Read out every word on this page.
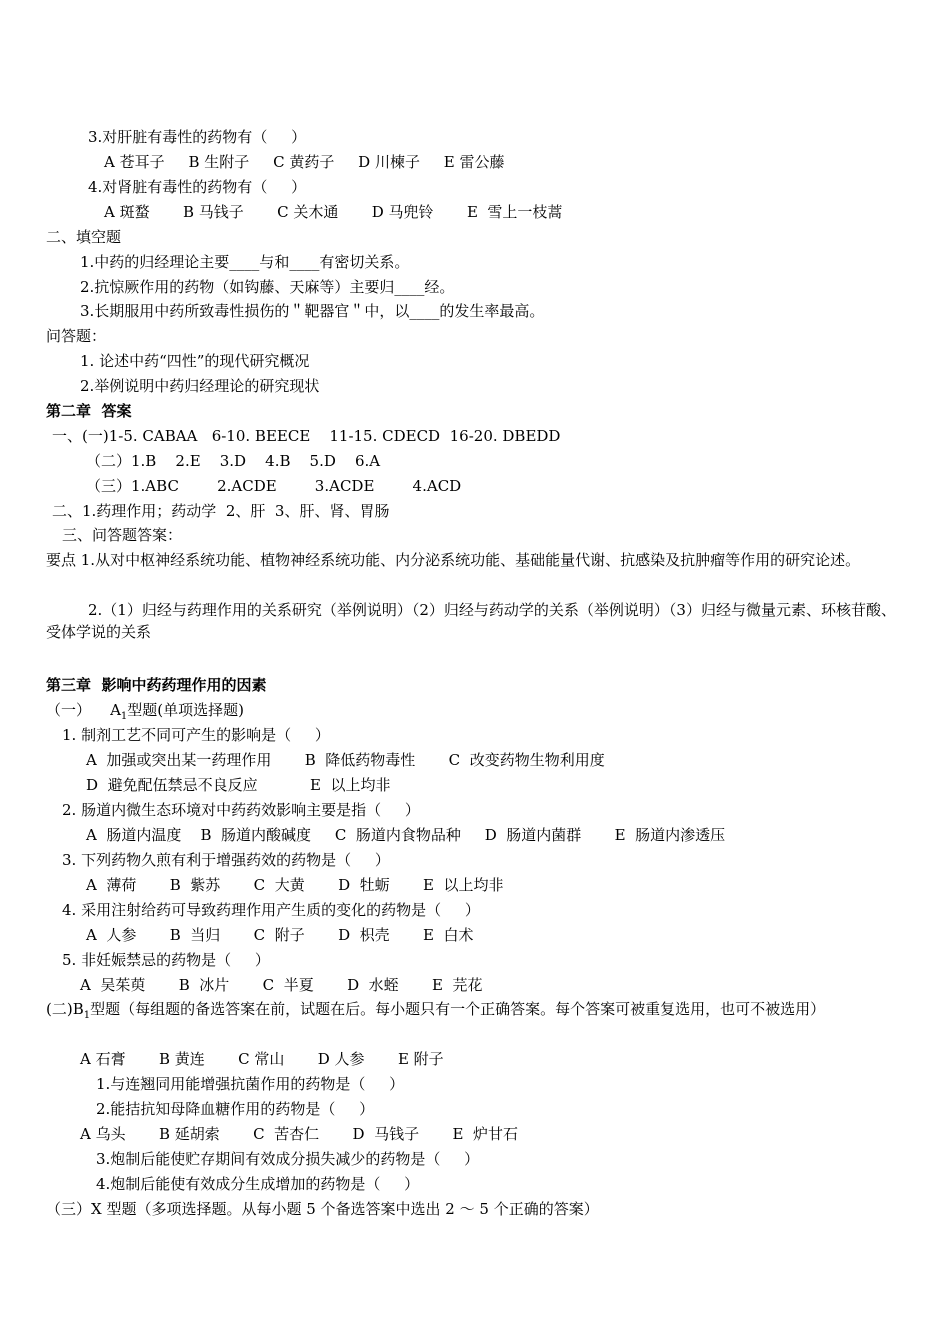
3.对肝脏有毒性的药物有（     ）
A 苍耳子     B 生附子     C 黄药子     D 川楝子     E 雷公藤
4.对肾脏有毒性的药物有（     ）
A 斑蝥       B 马钱子       C 关木通       D 马兜铃       E  雪上一枝蒿
二、填空题
1.中药的归经理论主要____与和____有密切关系。
2.抗惊厥作用的药物（如钩藤、天麻等）主要归____经。
3.长期服用中药所致毒性损伤的＂靶器官＂中，以____的发生率最高。
问答题：
1. 论述中药“四性”的现代研究概况
2.举例说明中药归经理论的研究现状
第二章  答案
一、(一)1-5. CABAA   6-10. BEECE    11-15. CDECD  16-20. DBEDD
（二）1.B    2.E    3.D    4.B    5.D    6.A
（三）1.ABC        2.ACDE        3.ACDE        4.ACD
二、1.药理作用；药动学  2、肝  3、肝、肾、胃肠
三、问答题答案：
要点 1.从对中枢神经系统功能、植物神经系统功能、内分泌系统功能、基础能量代谢、抗感染及抗肿瘤等作用的研究论述。
2.（1）归经与药理作用的关系研究（举例说明）（2）归经与药动学的关系（举例说明）（3）归经与微量元素、环核苷酸、受体学说的关系
第三章  影响中药药理作用的因素
（一）    $A_1$型题(单项选择题)
1. 制剂工艺不同可产生的影响是（     ）
A  加强或突出某一药理作用       B  降低药物毒性       C  改变药物生物利用度
D  避免配伍禁忌不良反应           E  以上均非
2. 肠道内微生态环境对中药药效影响主要是指（     ）
A  肠道内温度    B  肠道内酸碱度     C  肠道内食物品种     D  肠道内菌群       E  肠道内渗透压
3. 下列药物久煎有利于增强药效的药物是（     ）
A  薄荷       B  紫苏       C  大黄       D  牡蛎       E  以上均非
4. 采用注射给药可导致药理作用产生质的变化的药物是（     ）
A  人参       B  当归       C  附子       D  枳壳       E  白术
5. 非妊娠禁忌的药物是（     ）
A  吴茱萸       B  冰片       C  半夏       D  水蛭       E  芫花
(二)$B_1$型题（每组题的备选答案在前，试题在后。每小题只有一个正确答案。每个答案可被重复选用，也可不被选用）
A 石膏       B 黄连       C 常山       D 人参       E 附子
1.与连翘同用能增强抗菌作用的药物是（     ）
2.能拮抗知母降血糖作用的药物是（     ）
A 乌头       B 延胡索       C  苦杏仁       D  马钱子       E  炉甘石
3.炮制后能使贮存期间有效成分损失减少的药物是（     ）
4.炮制后能使有效成分生成增加的药物是（     ）
（三）X 型题（多项选择题。从每小题 5 个备选答案中选出 2 ～ 5 个正确的答案）
